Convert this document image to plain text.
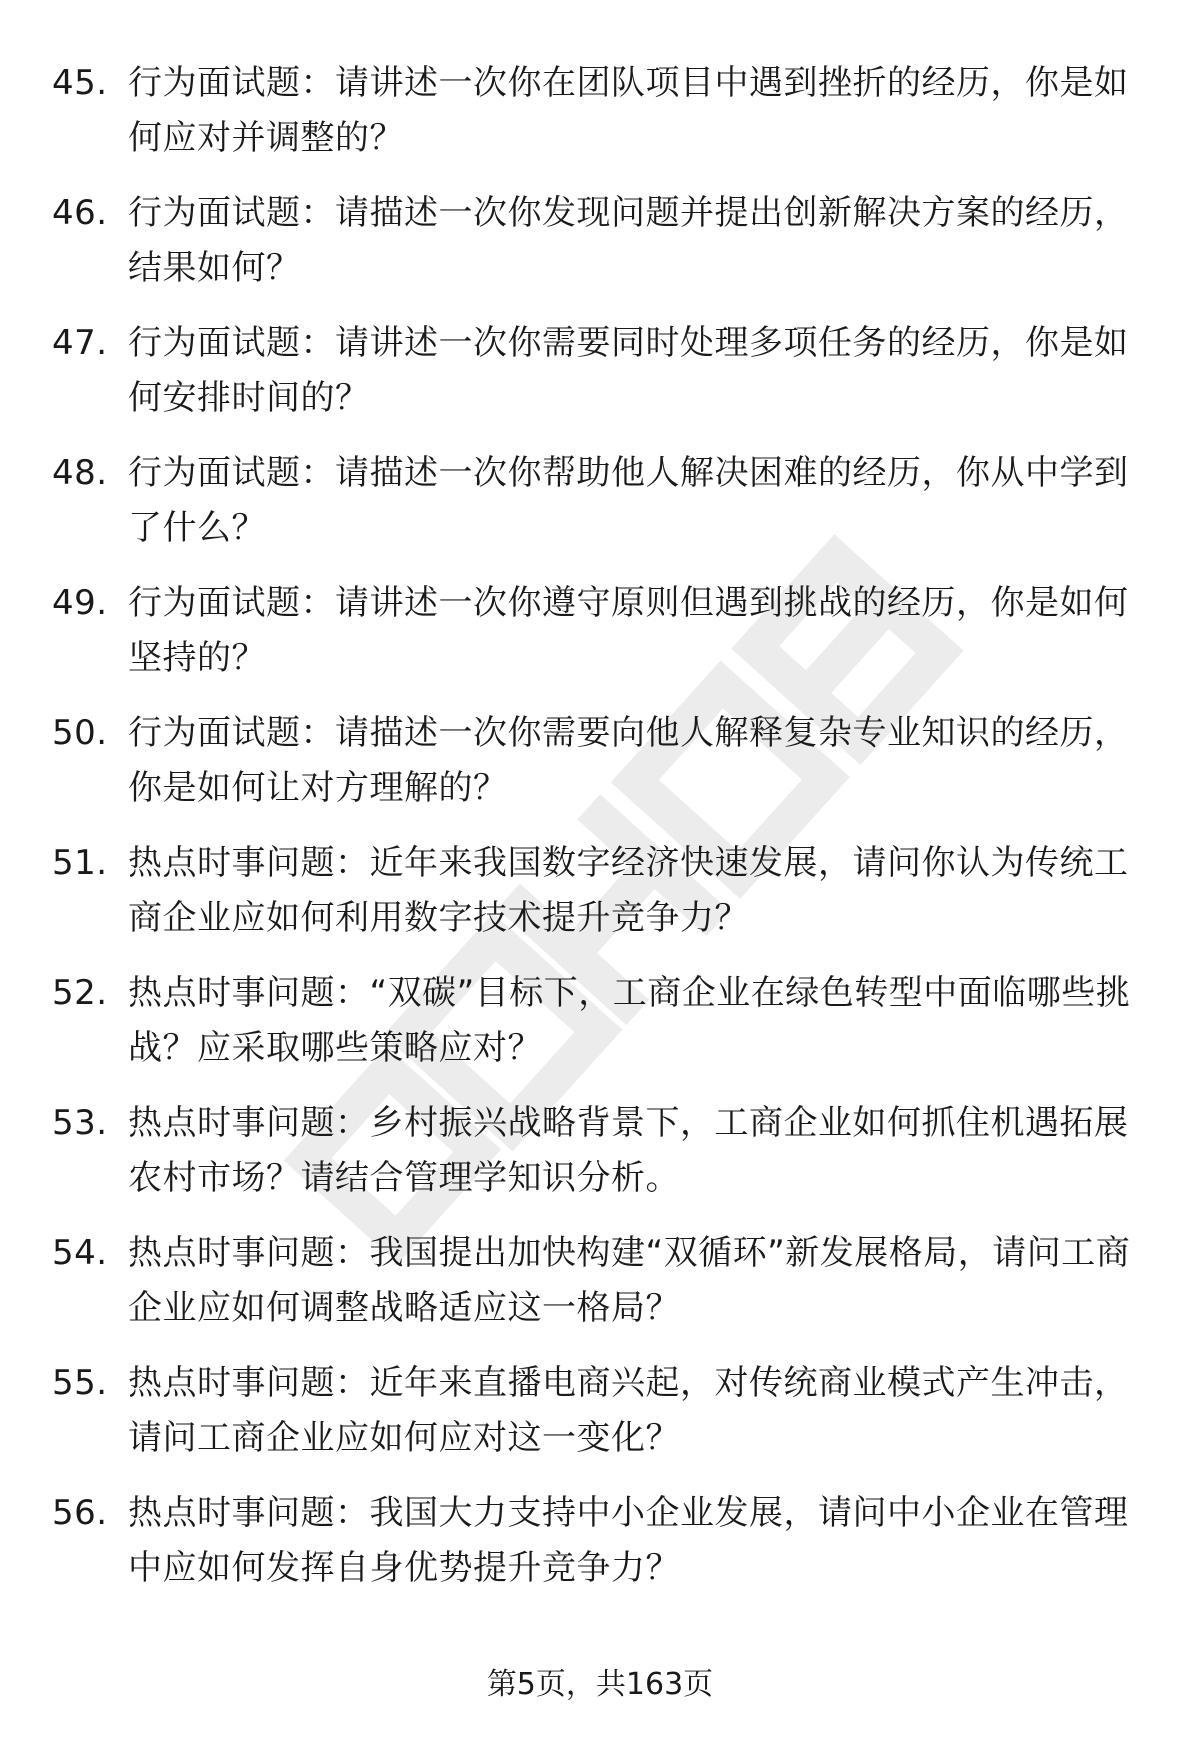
45. 行为面试题：请讲述一次你在团队项目中遇到挫折的经历，你是如何应对并调整的？
46. 行为面试题：请描述一次你发现问题并提出创新解决方案的经历，结果如何？
47. 行为面试题：请讲述一次你需要同时处理多项任务的经历，你是如何安排时间的？
48. 行为面试题：请描述一次你帮助他人解决困难的经历，你从中学到了什么？
49. 行为面试题：请讲述一次你遵守原则但遇到挑战的经历，你是如何坚持的？
50. 行为面试题：请描述一次你需要向他人解释复杂专业知识的经历，你是如何让对方理解的？
51. 热点时事问题：近年来我国数字经济快速发展，请问你认为传统工商企业应如何利用数字技术提升竞争力？
52. 热点时事问题：“双碳”目标下，工商企业在绿色转型中面临哪些挑战？应采取哪些策略应对？
53. 热点时事问题：乡村振兴战略背景下，工商企业如何抓住机遇拓展农村市场？请结合管理学知识分析。
54. 热点时事问题：我国提出加快构建“双循环”新发展格局，请问工商企业应如何调整战略适应这一格局？
55. 热点时事问题：近年来直播电商兴起，对传统商业模式产生冲击，请问工商企业应如何应对这一变化？
56. 热点时事问题：我国大力支持中小企业发展，请问中小企业在管理中应如何发挥自身优势提升竞争力？
第5页，共163页
